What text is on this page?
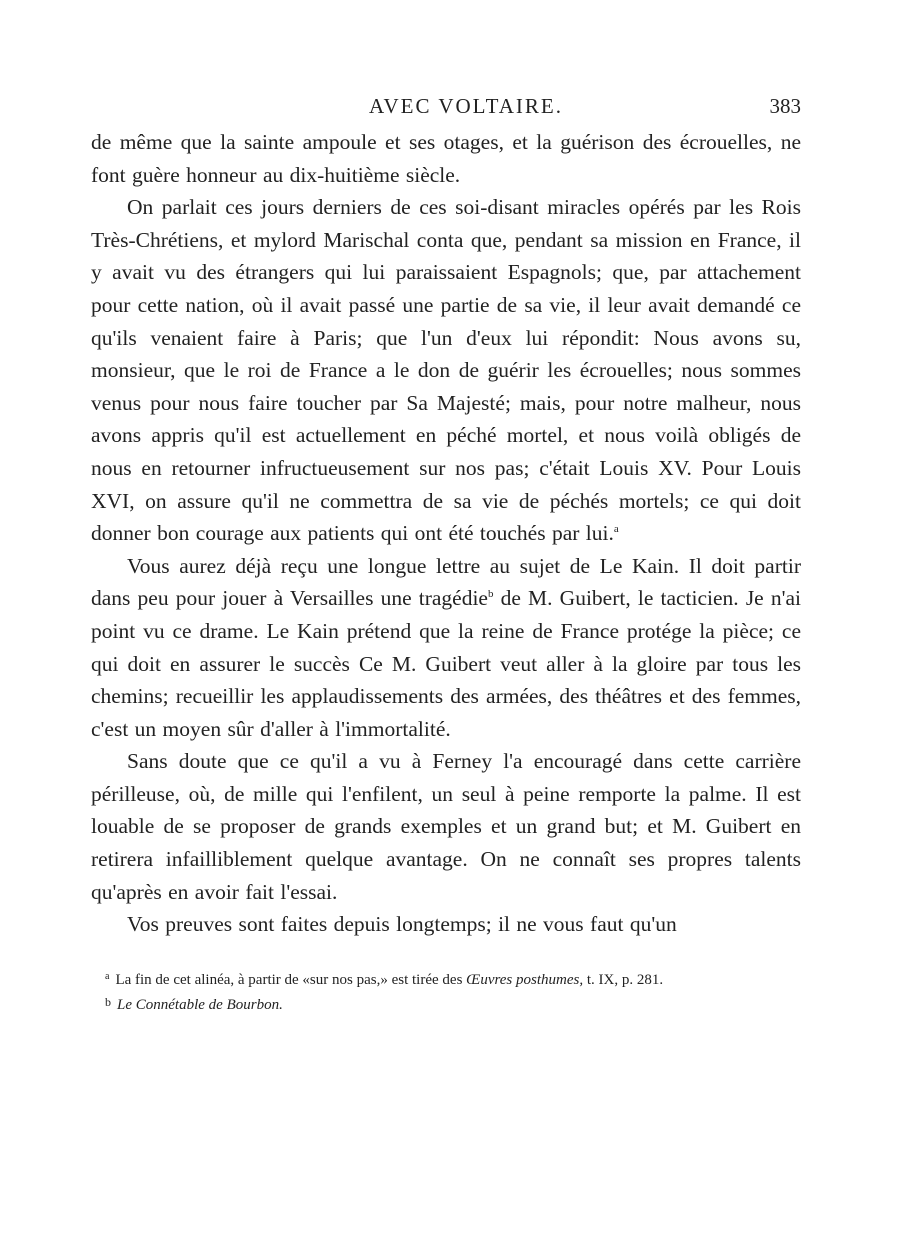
AVEC VOLTAIRE.	383

de même que la sainte ampoule et ses otages, et la guérison des écrouelles, ne font guère honneur au dix-huitième siècle.

On parlait ces jours derniers de ces soi-disant miracles opérés par les Rois Très-Chrétiens, et mylord Marischal conta que, pendant sa mission en France, il y avait vu des étrangers qui lui paraissaient Espagnols; que, par attachement pour cette nation, où il avait passé une partie de sa vie, il leur avait demandé ce qu'ils venaient faire à Paris; que l'un d'eux lui répondit: Nous avons su, monsieur, que le roi de France a le don de guérir les écrouelles; nous sommes venus pour nous faire toucher par Sa Majesté; mais, pour notre malheur, nous avons appris qu'il est actuellement en péché mortel, et nous voilà obligés de nous en retourner infructueusement sur nos pas; c'était Louis XV. Pour Louis XVI, on assure qu'il ne commettra de sa vie de péchés mortels; ce qui doit donner bon courage aux patients qui ont été touchés par lui.$^a$

Vous aurez déjà reçu une longue lettre au sujet de Le Kain. Il doit partir dans peu pour jouer à Versailles une tragédie$^b$ de M. Guibert, le tacticien. Je n'ai point vu ce drame. Le Kain prétend que la reine de France protége la pièce; ce qui doit en assurer le succès Ce M. Guibert veut aller à la gloire par tous les chemins; recueillir les applaudissements des armées, des théâtres et des femmes, c'est un moyen sûr d'aller à l'immortalité.

Sans doute que ce qu'il a vu à Ferney l'a encouragé dans cette carrière périlleuse, où, de mille qui l'enfilent, un seul à peine remporte la palme. Il est louable de se proposer de grands exemples et un grand but; et M. Guibert en retirera infailliblement quelque avantage. On ne connaît ses propres talents qu'après en avoir fait l'essai.

Vos preuves sont faites depuis longtemps; il ne vous faut qu'un

$^a$ La fin de cet alinéa, à partir de «sur nos pas,» est tirée des Œuvres posthumes, t. IX, p. 281.

$^b$ Le Connétable de Bourbon.
